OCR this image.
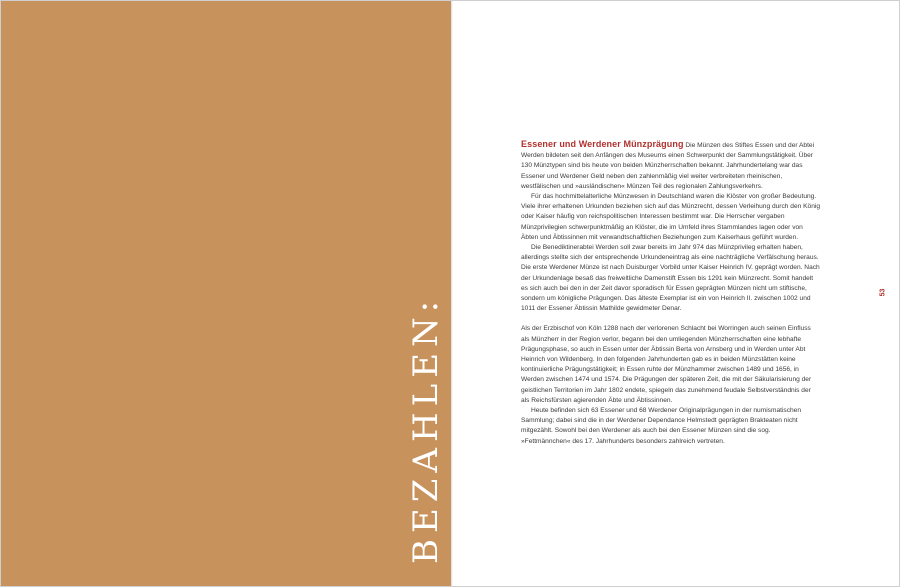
BEZAHLEN:

Essener und Werdener Münzprägung Die Münzen des Stiftes Essen und der Abtei Werden bildeten seit den Anfängen des Museums einen Schwerpunkt der Sammlungstätigkeit. Über 130 Münztypen sind bis heute von beiden Münzherrschaften bekannt. Jahrhundertelang war das Essener und Werdener Geld neben den zahlenmäßig viel weiter verbreiteten rheinischen, westfälischen und »ausländischen« Münzen Teil des regionalen Zahlungsverkehrs.

Für das hochmittelalterliche Münzwesen in Deutschland waren die Klöster von großer Bedeutung. Viele ihrer erhaltenen Urkunden beziehen sich auf das Münzrecht, dessen Verleihung durch den König oder Kaiser häufig von reichspolitischen Interessen bestimmt war. Die Herrscher vergaben Münzprivilegien schwerpunktmäßig an Klöster, die im Umfeld ihres Stammlandes lagen oder von Äbten und Äbtissinnen mit verwandtschaftlichen Beziehungen zum Kaiserhaus geführt wurden.

Die Benediktinerabtei Werden soll zwar bereits im Jahr 974 das Münzprivileg erhalten haben, allerdings stellte sich der entsprechende Urkundeneintrag als eine nachträgliche Verfälschung heraus. Die erste Werdener Münze ist nach Duisburger Vorbild unter Kaiser Heinrich IV. geprägt worden. Nach der Urkundenlage besaß das freiweltliche Damenstift Essen bis 1291 kein Münzrecht. Somit handelt es sich auch bei den in der Zeit davor sporadisch für Essen geprägten Münzen nicht um stiftische, sondern um königliche Prägungen. Das älteste Exemplar ist ein von Heinrich II. zwischen 1002 und 1011 der Essener Äbtissin Mathilde gewidmeter Denar.

Als der Erzbischof von Köln 1288 nach der verlorenen Schlacht bei Worringen auch seinen Einfluss als Münzherr in der Region verlor, begann bei den umliegenden Münzherrschaften eine lebhafte Prägungsphase, so auch in Essen unter der Äbtissin Berta von Arnsberg und in Werden unter Abt Heinrich von Wildenberg. In den folgenden Jahrhunderten gab es in beiden Münzstätten keine kontinuierliche Prägungstätigkeit; in Essen ruhte der Münzhammer zwischen 1489 und 1656, in Werden zwischen 1474 und 1574. Die Prägungen der späteren Zeit, die mit der Säkularisierung der geistlichen Territorien im Jahr 1802 endete, spiegeln das zunehmend feudale Selbstverständnis der als Reichsfürsten agierenden Äbte und Äbtissinnen.

Heute befinden sich 63 Essener und 68 Werdener Originalprägungen in der numismatischen Sammlung; dabei sind die in der Werdener Dependance Helmstedt geprägten Brakteaten nicht mitgezählt. Sowohl bei den Werdener als auch bei den Essener Münzen sind die sog. »Fettmännchen« des 17. Jahrhunderts besonders zahlreich vertreten.

53
